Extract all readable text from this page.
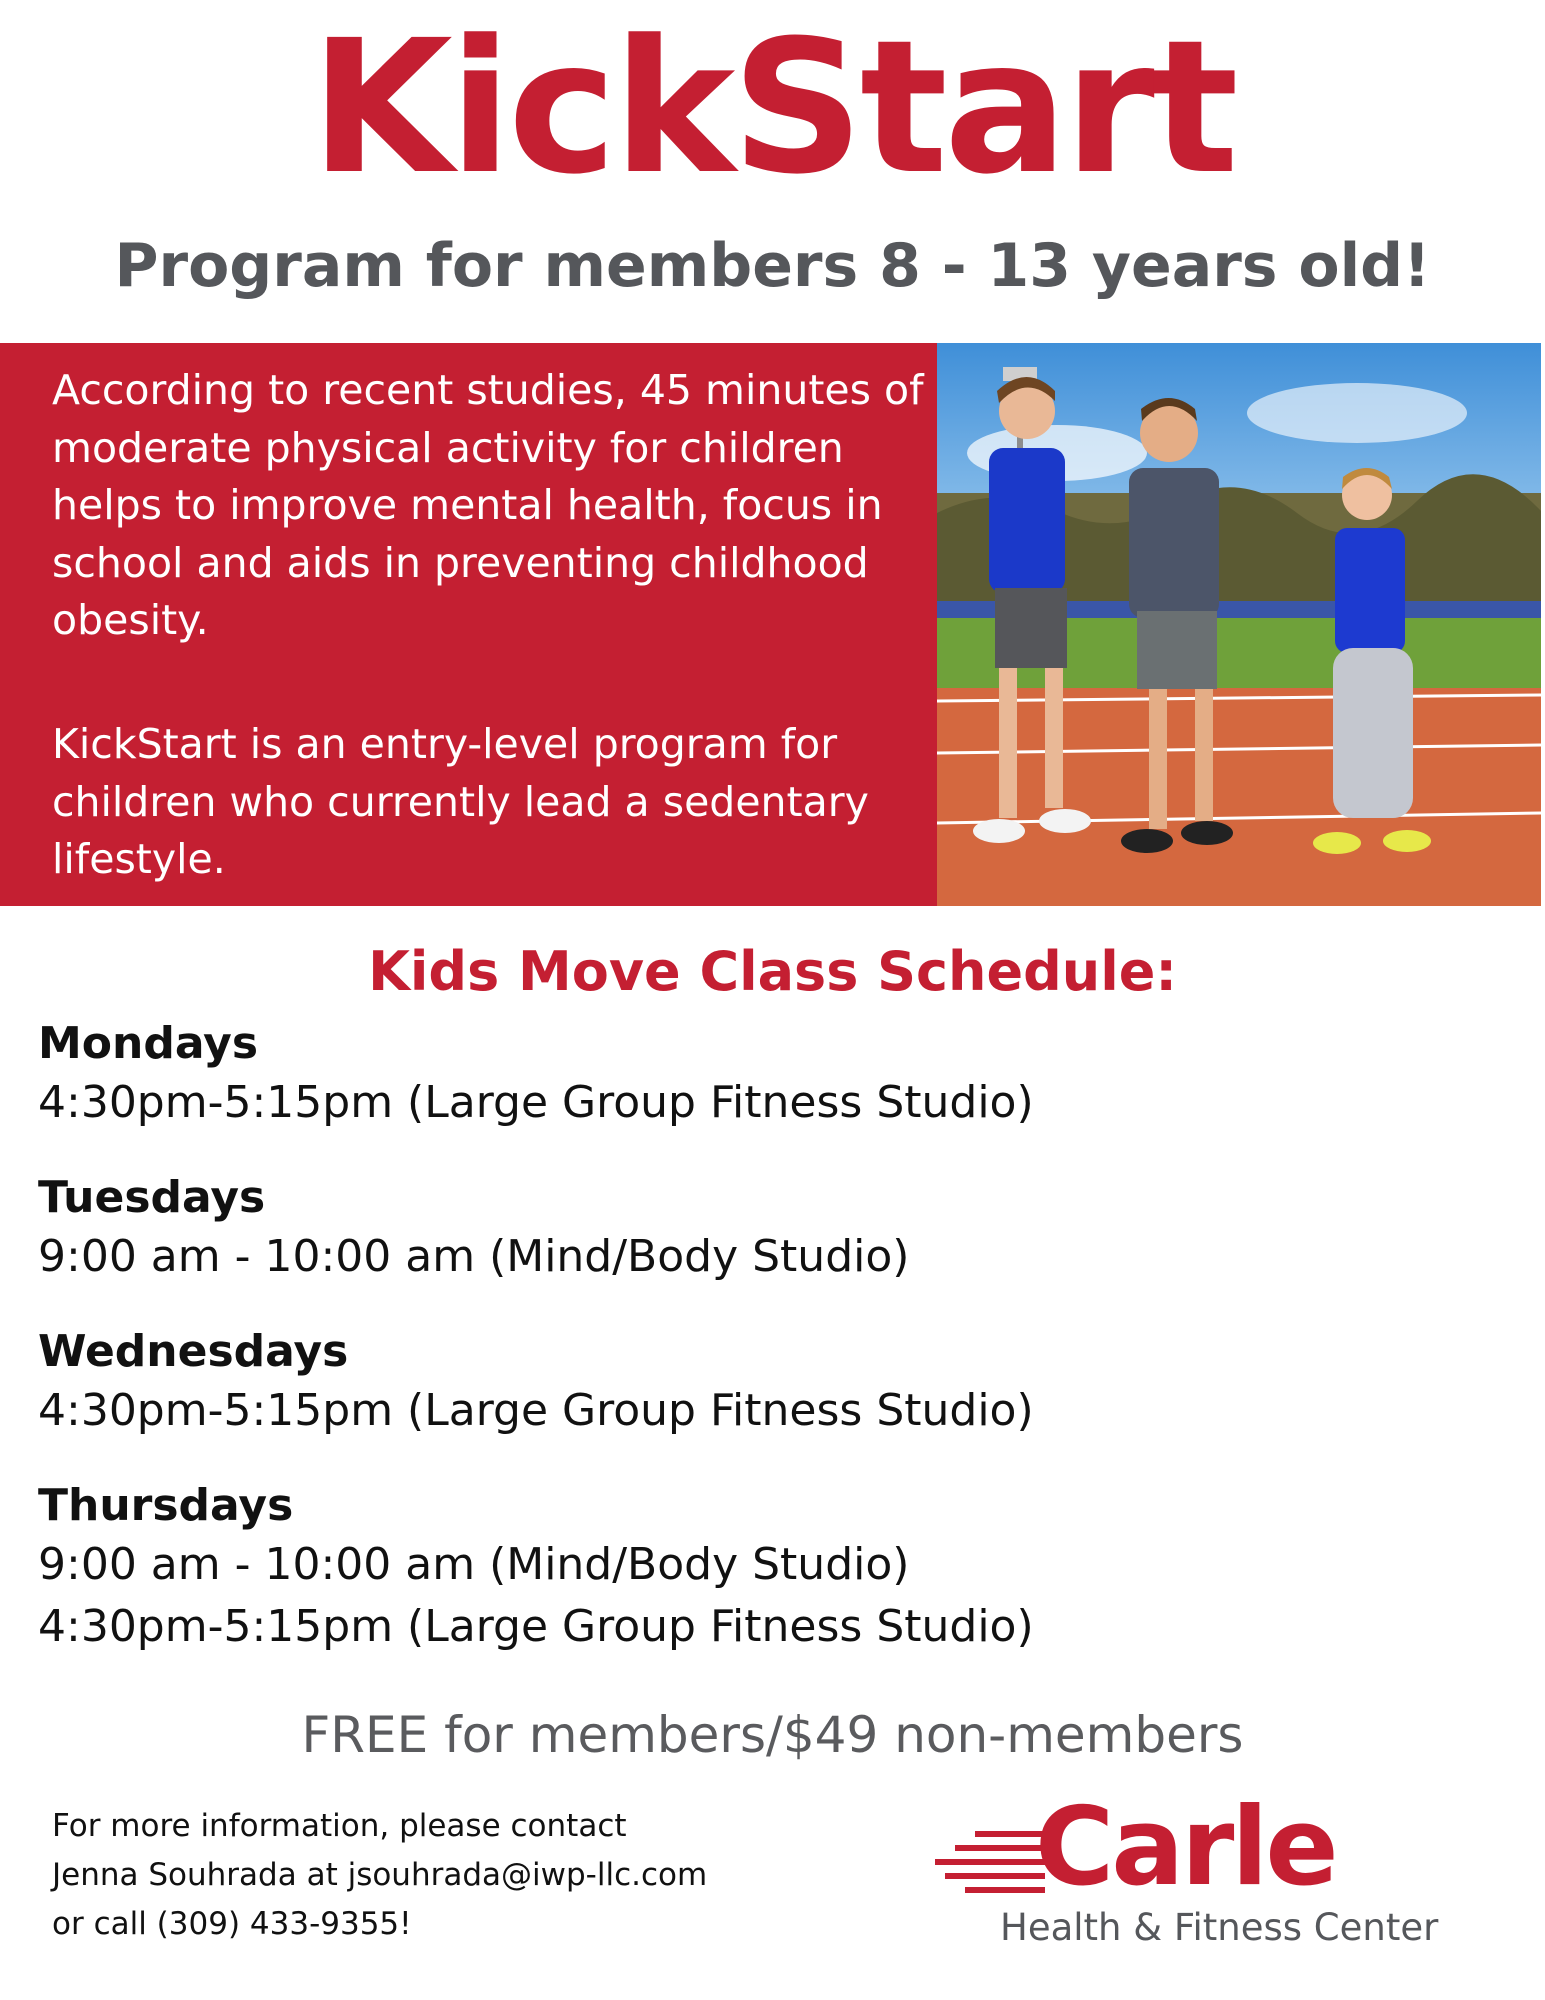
KickStart
Program for members 8 - 13 years old!

According to recent studies, 45 minutes of moderate physical activity for children helps to improve mental health, focus in school and aids in preventing childhood obesity.

KickStart is an entry-level program for children who currently lead a sedentary lifestyle.

Kids Move Class Schedule:

Mondays

4:30pm-5:15pm (Large Group Fitness Studio)

Tuesdays

9:00 am - 10:00 am (Mind/Body Studio)

Wednesdays

4:30pm-5:15pm (Large Group Fitness Studio)

Thursdays

9:00 am - 10:00 am (Mind/Body Studio)

4:30pm-5:15pm (Large Group Fitness Studio)

FREE for members/$49 non-members

For more information, please contact
Jenna Souhrada at jsouhrada@iwp-llc.com
or call (309) 433-9355!
Carle
Health & Fitness Center
